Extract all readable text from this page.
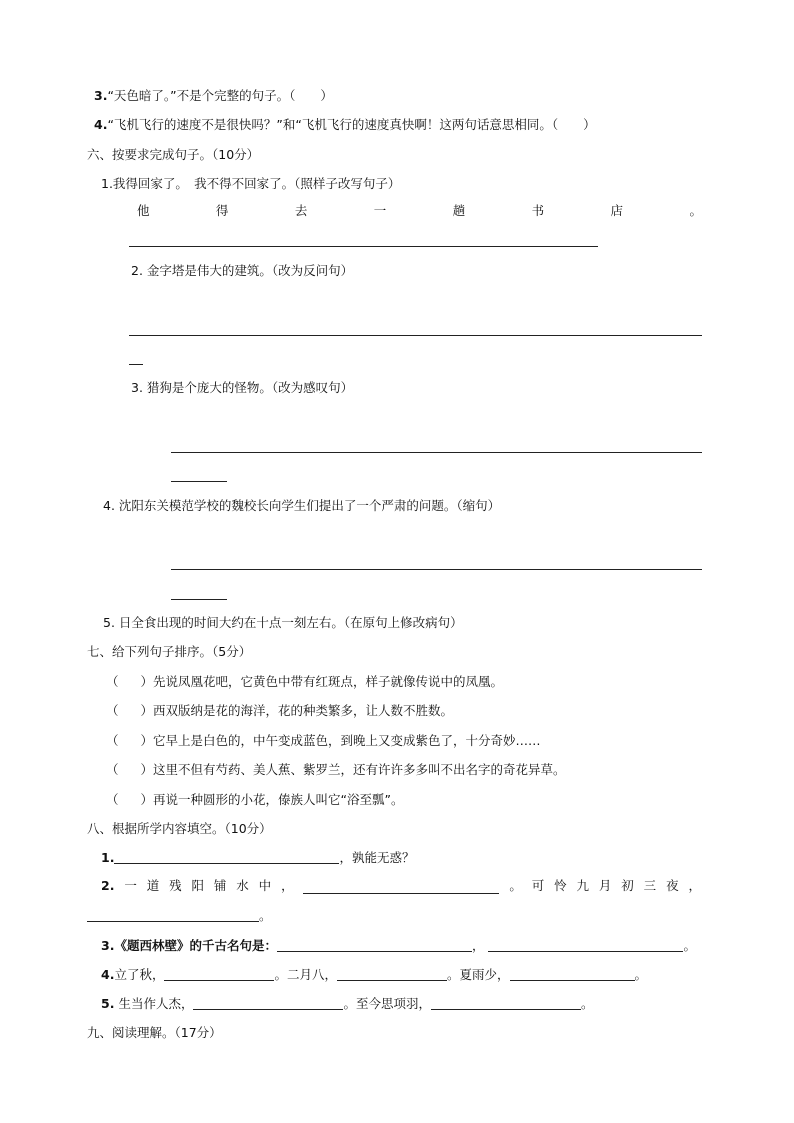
3.“天色暗了。”不是个完整的句子。（　　）
4.“飞机飞行的速度不是很快吗？”和“飞机飞行的速度真快啊！这两句话意思相同。（　　）
六、按要求完成句子。（10分）
1.我得回家了。　我不得不回家了。（照样子改写句子）
他	得	去	一	趟	书	店	。
2. 金字塔是伟大的建筑。（改为反问句）
3. 猎狗是个庞大的怪物。（改为感叹句）
4. 沈阳东关模范学校的魏校长向学生们提出了一个严肃的问题。（缩句）
5. 日全食出现的时间大约在十点一刻左右。（在原句上修改病句）
七、给下列句子排序。（5分）
（ ）先说凤凰花吧，它黄色中带有红斑点，样子就像传说中的凤凰。
（ ）西双版纳是花的海洋，花的种类繁多，让人数不胜数。
（ ）它早上是白色的，中午变成蓝色，到晚上又变成紫色了，十分奇妙……
（ ）这里不但有芍药、美人蕉、紫罗兰，还有许许多多叫不出名字的奇花异草。
（ ）再说一种圆形的小花，傣族人叫它“浴至瓢”。
八、根据所学内容填空。（10分）
1.	，孰能无惑？
2. 一 道 残 阳 铺 水 中 ，	。 可 怜 九 月 初 三 夜 ，
。
3.《题西林壁》的千古名句是：	，	。
4.立了秋，	。二月八，	。夏雨少，	。
5. 生当作人杰，	。至今思项羽，	。
九、阅读理解。（17分）
